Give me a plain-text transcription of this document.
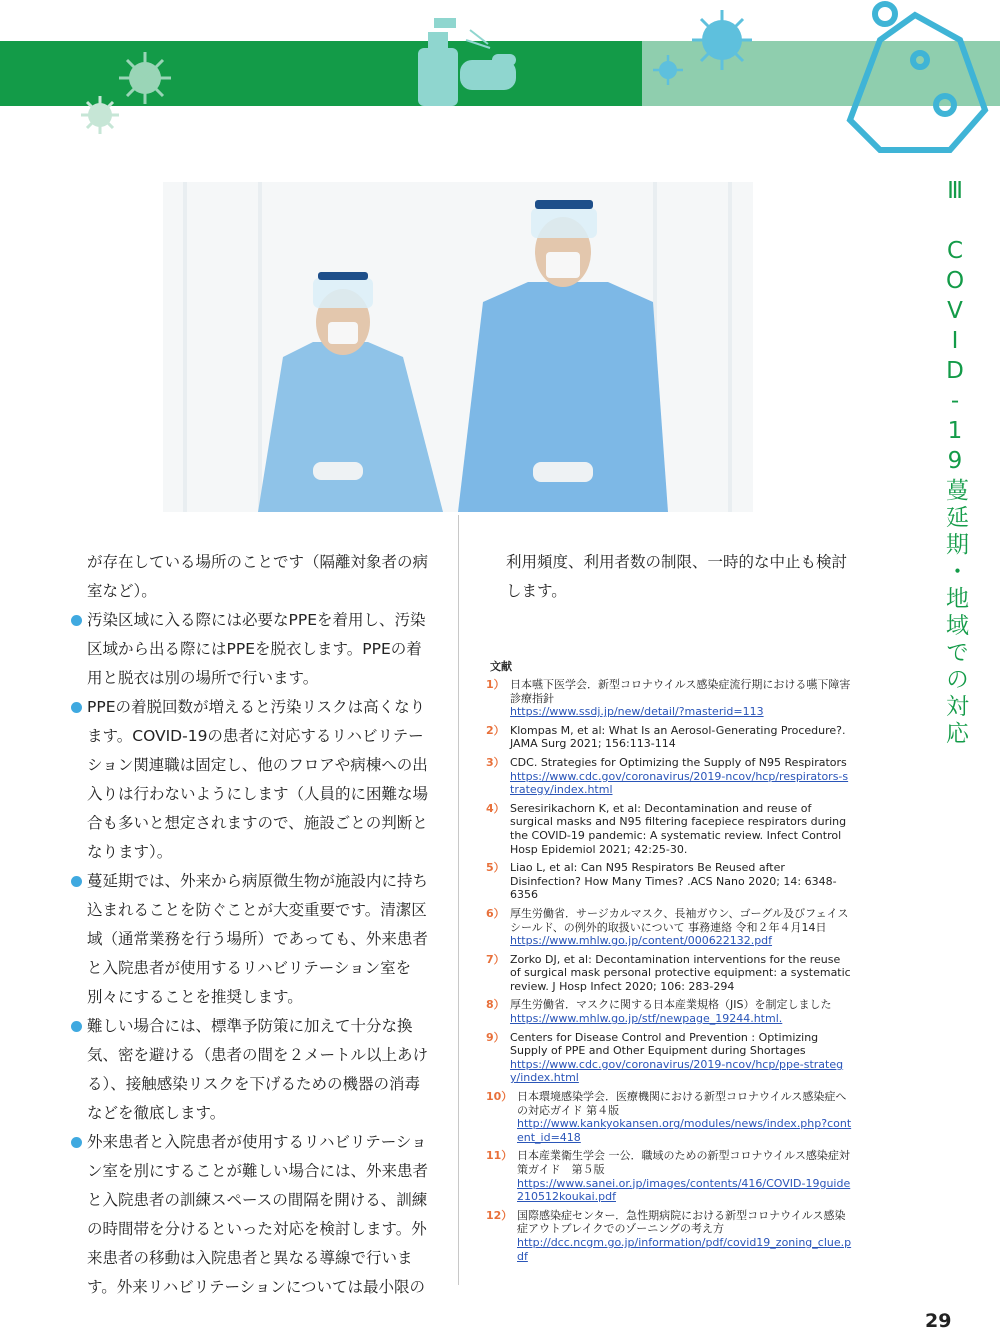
Ⅲ COVID-19蔓延期・地域での対応

が存在している場所のことです（隔離対象者の病室など）。

汚染区域に入る際には必要なPPEを着用し、汚染区域から出る際にはPPEを脱衣します。PPEの着用と脱衣は別の場所で行います。

PPEの着脱回数が増えると汚染リスクは高くなります。COVID-19の患者に対応するリハビリテーション関連職は固定し、他のフロアや病棟への出入りは行わないようにします（人員的に困難な場合も多いと想定されますので、施設ごとの判断となります）。

蔓延期では、外来から病原微生物が施設内に持ち込まれることを防ぐことが大変重要です。清潔区域（通常業務を行う場所）であっても、外来患者と入院患者が使用するリハビリテーション室を別々にすることを推奨します。

難しい場合には、標準予防策に加えて十分な換気、密を避ける（患者の間を２メートル以上あける）、接触感染リスクを下げるための機器の消毒などを徹底します。

外来患者と入院患者が使用するリハビリテーション室を別にすることが難しい場合には、外来患者と入院患者の訓練スペースの間隔を開ける、訓練の時間帯を分けるといった対応を検討します。外来患者の移動は入院患者と異なる導線で行います。外来リハビリテーションについては最小限の

利用頻度、利用者数の制限、一時的な中止も検討します。

文献
1） 日本嚥下医学会．新型コロナウイルス感染症流行期における嚥下障害診療指針
https://www.ssdj.jp/new/detail/?masterid=113
2） Klompas M, et al: What Is an Aerosol-Generating Procedure?. JAMA Surg 2021; 156:113-114
3） CDC. Strategies for Optimizing the Supply of N95 Respirators
https://www.cdc.gov/coronavirus/2019-ncov/hcp/respirators-strategy/index.html
4） Seresirikachorn K, et al: Decontamination and reuse of surgical masks and N95 filtering facepiece respirators during the COVID-19 pandemic: A systematic review. Infect Control Hosp Epidemiol 2021; 42:25-30.
5） Liao L, et al: Can N95 Respirators Be Reused after Disinfection? How Many Times? .ACS Nano 2020; 14: 6348-6356
6） 厚生労働省．サージカルマスク、長袖ガウン、ゴーグル及びフェイスシールド、の例外的取扱いについて 事務連絡 令和２年４月14日
https://www.mhlw.go.jp/content/000622132.pdf
7） Zorko DJ, et al: Decontamination interventions for the reuse of surgical mask personal protective equipment: a systematic review. J Hosp Infect 2020; 106: 283-294
8） 厚生労働省．マスクに関する日本産業規格（JIS）を制定しました
https://www.mhlw.go.jp/stf/newpage_19244.html.
9） Centers for Disease Control and Prevention : Optimizing Supply of PPE and Other Equipment during Shortages
https://www.cdc.gov/coronavirus/2019-ncov/hcp/ppe-strategy/index.html
10） 日本環境感染学会．医療機関における新型コロナウイルス感染症への対応ガイド 第４版
http://www.kankyokansen.org/modules/news/index.php?content_id=418
11） 日本産業衛生学会 一公．職域のための新型コロナウイルス感染症対策ガイド　第５版
https://www.sanei.or.jp/images/contents/416/COVID-19guide210512koukai.pdf
12） 国際感染症センター．急性期病院における新型コロナウイルス感染症アウトブレイクでのゾーニングの考え方
http://dcc.ncgm.go.jp/information/pdf/covid19_zoning_clue.pdf
29
